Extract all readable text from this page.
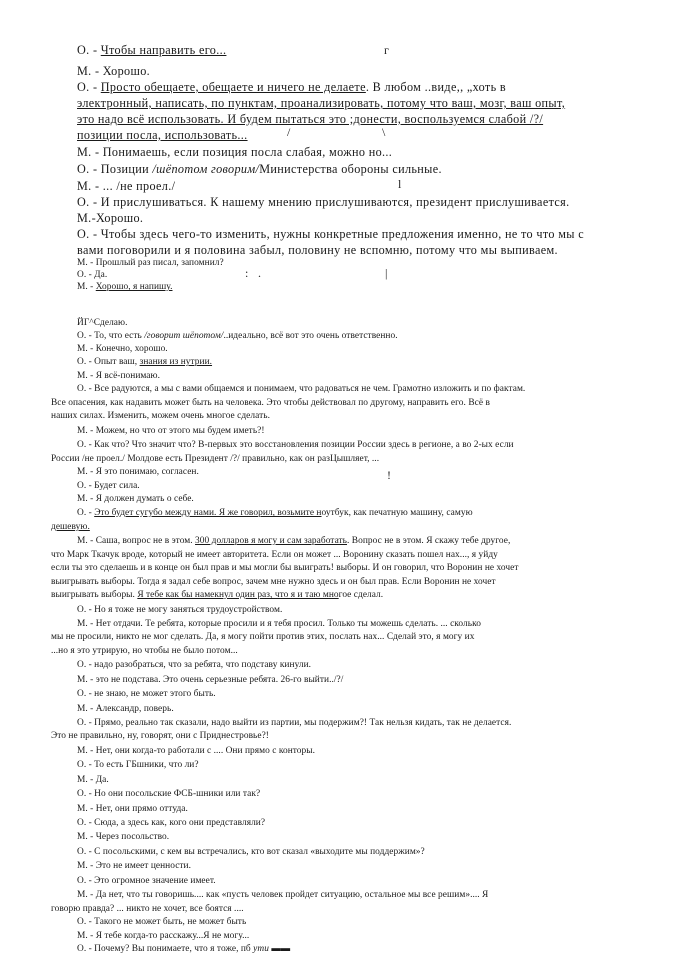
О. - Чтобы направить его...
М. - Хорошо.
О. - Просто обещаете, обещаете и ничего не делаете. В любом ..виде,, „хоть в
электронный, написать, по пунктам, проанализировать, потому что ваш, мозг, ваш опыт,
это надо всё использовать. И будем пытаться это ;донести, воспользуемся слабой /?/
позиции посла, использовать...
М. - Понимаешь, если позиция посла слабая, можно но...
О. - Позиции /шёпотом говорим/Министерства обороны сильные.
М. - ... /не проел./
О. - И прислушиваться. К нашему мнению прислушиваются, президент прислушивается.
М.-Хорошо.
О. - Чтобы здесь чего-то изменить, нужны конкретные предложения именно, не то что мы с
вами поговорили и я половина забыл, половину не вспомню, потому что мы выпиваем.
М. - Прошлый раз писал, запомнил?
О. - Да.
М. - Хорошо, я напишу.
ЙГ^Сделаю.
О. - То, что есть /говорит шёпотом/..идеально, всё вот это очень ответственно.
М. - Конечно, хорошо.
О. - Опыт ваш, знания из нутрии.
М. - Я всё-понимаю.
О. - Все радуются, а мы с вами общаемся и понимаем, что радоваться не чем. Грамотно изложить и по фактам.
Все опасения, как надавить может быть на человека. Это чтобы действовал по другому, направить его. Всё в
наших силах. Изменить, можем очень многое сделать.
М. - Можем, но что от этого мы будем иметь?!
О. - Как что? Что значит что? В-первых это восстановления позиции России здесь в регионе, а во 2-ых если
России /не проел./ Молдове есть Президент /?/ правильно, как он разЦышляет, ...
М. - Я это понимаю, согласен.
О. - Будет сила.
М. - Я должен думать о себе.
О. - Это будет сугубо между нами. Я же говорил, возьмите ноутбук, как печатную машину, самую
дешевую.
М. - Саша, вопрос не в этом. 300 долларов я могу и сам заработать. Вопрос не в этом. Я скажу тебе другое,
что Марк Ткачук вроде, который не имеет авторитета. Если он может ... Воронину сказать пошел нах..., я уйду
если ты это сделаешь и в конце он был прав и мы могли бы выиграть! выборы. И он говорил, что Воронин не хочет
выигрывать выборы. Тогда я задал себе вопрос, зачем мне нужно здесь и он был прав. Если Воронин не хочет
выигрывать выборы. Я тебе как бы намекнул один раз, что я и таю многое сделал.
О. - Но я тоже не могу заняться трудоустройством.
М. - Нет отдачи. Те ребята, которые просили и я тебя просил. Только ты можешь сделать. ... сколько
мы не просили, никто не мог сделать. Да, я могу пойти против этих, послать нах... Сделай это, я могу их
...но я это утрирую, но чтобы не было потом...
О. - надо разобраться, что за ребята, что подставу кинули.
М. - это не подстава. Это очень серьезные ребята. 26-го выйти../?/
О. - не знаю, не может этого быть.
М. - Александр, поверь.
О. - Прямо, реально так сказали, надо выйти из партии, мы подержим?! Так нельзя кидать, так не делается.
Это не правильно, ну, говорят, они с Приднестровье?!
М. - Нет, они когда-то работали с .... Они прямо с конторы.
О. - То есть ГБшники, что ли?
М. - Да.
О. - Но они посольские ФСБ-шники или так?
М. - Нет, они прямо оттуда.
О. - Сюда, а здесь как, кого они представляли?
М. - Через посольство.
О. - С посольскими, с кем вы встречались, кто вот сказал «выходите мы поддержим»?
М. - Это не имеет ценности.
О. - Это огромное значение имеет.
М. - Да нет, что ты говоришь.... как «пусть человек пройдет ситуацию, остальное мы все решим».... Я
говорю правда? ... никто не хочет, все боятся ....
О. - Такого не может быть, не может быть
М. - Я тебе когда-то расскажу...Я не могу...
О. - Почему? Вы понимаете, что я тоже, пб ути ▬▬
г
/	\
l
: .	|
!
